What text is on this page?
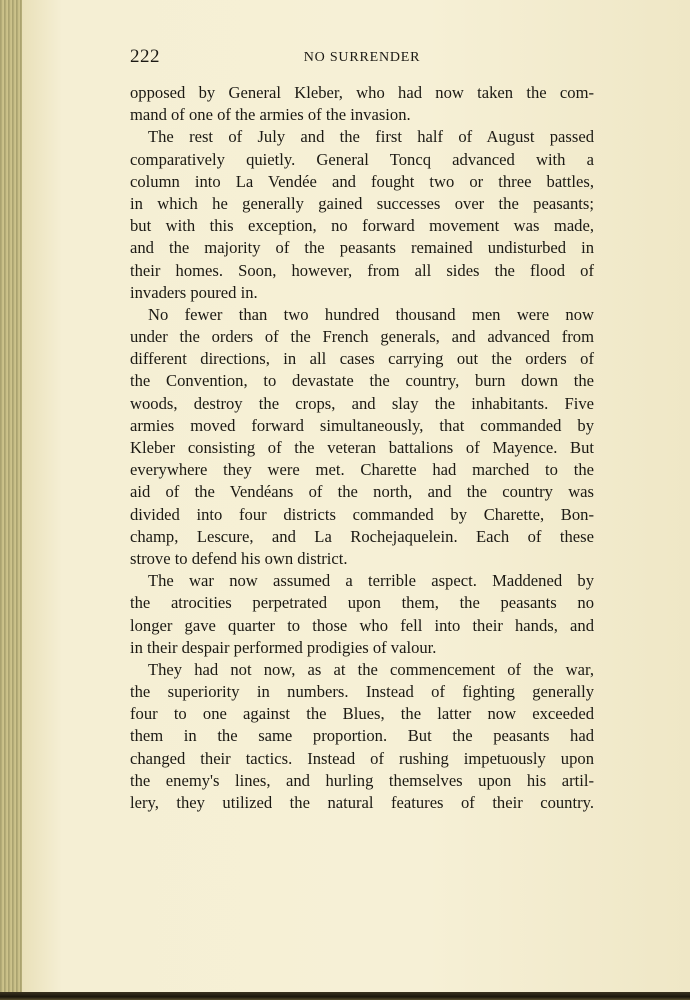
222	NO SURRENDER
opposed by General Kleber, who had now taken the com-
mand of one of the armies of the invasion.
The rest of July and the first half of August passed
comparatively quietly. General Toncq advanced with a
column into La Vendée and fought two or three battles,
in which he generally gained successes over the peasants;
but with this exception, no forward movement was made,
and the majority of the peasants remained undisturbed in
their homes. Soon, however, from all sides the flood of
invaders poured in.
No fewer than two hundred thousand men were now
under the orders of the French generals, and advanced from
different directions, in all cases carrying out the orders of
the Convention, to devastate the country, burn down the
woods, destroy the crops, and slay the inhabitants. Five
armies moved forward simultaneously, that commanded by
Kleber consisting of the veteran battalions of Mayence. But
everywhere they were met. Charette had marched to the
aid of the Vendéans of the north, and the country was
divided into four districts commanded by Charette, Bon-
champ, Lescure, and La Rochejaquelein. Each of these
strove to defend his own district.
The war now assumed a terrible aspect. Maddened by
the atrocities perpetrated upon them, the peasants no
longer gave quarter to those who fell into their hands, and
in their despair performed prodigies of valour.
They had not now, as at the commencement of the war,
the superiority in numbers. Instead of fighting generally
four to one against the Blues, the latter now exceeded
them in the same proportion. But the peasants had
changed their tactics. Instead of rushing impetuously upon
the enemy's lines, and hurling themselves upon his artil-
lery, they utilized the natural features of their country.
